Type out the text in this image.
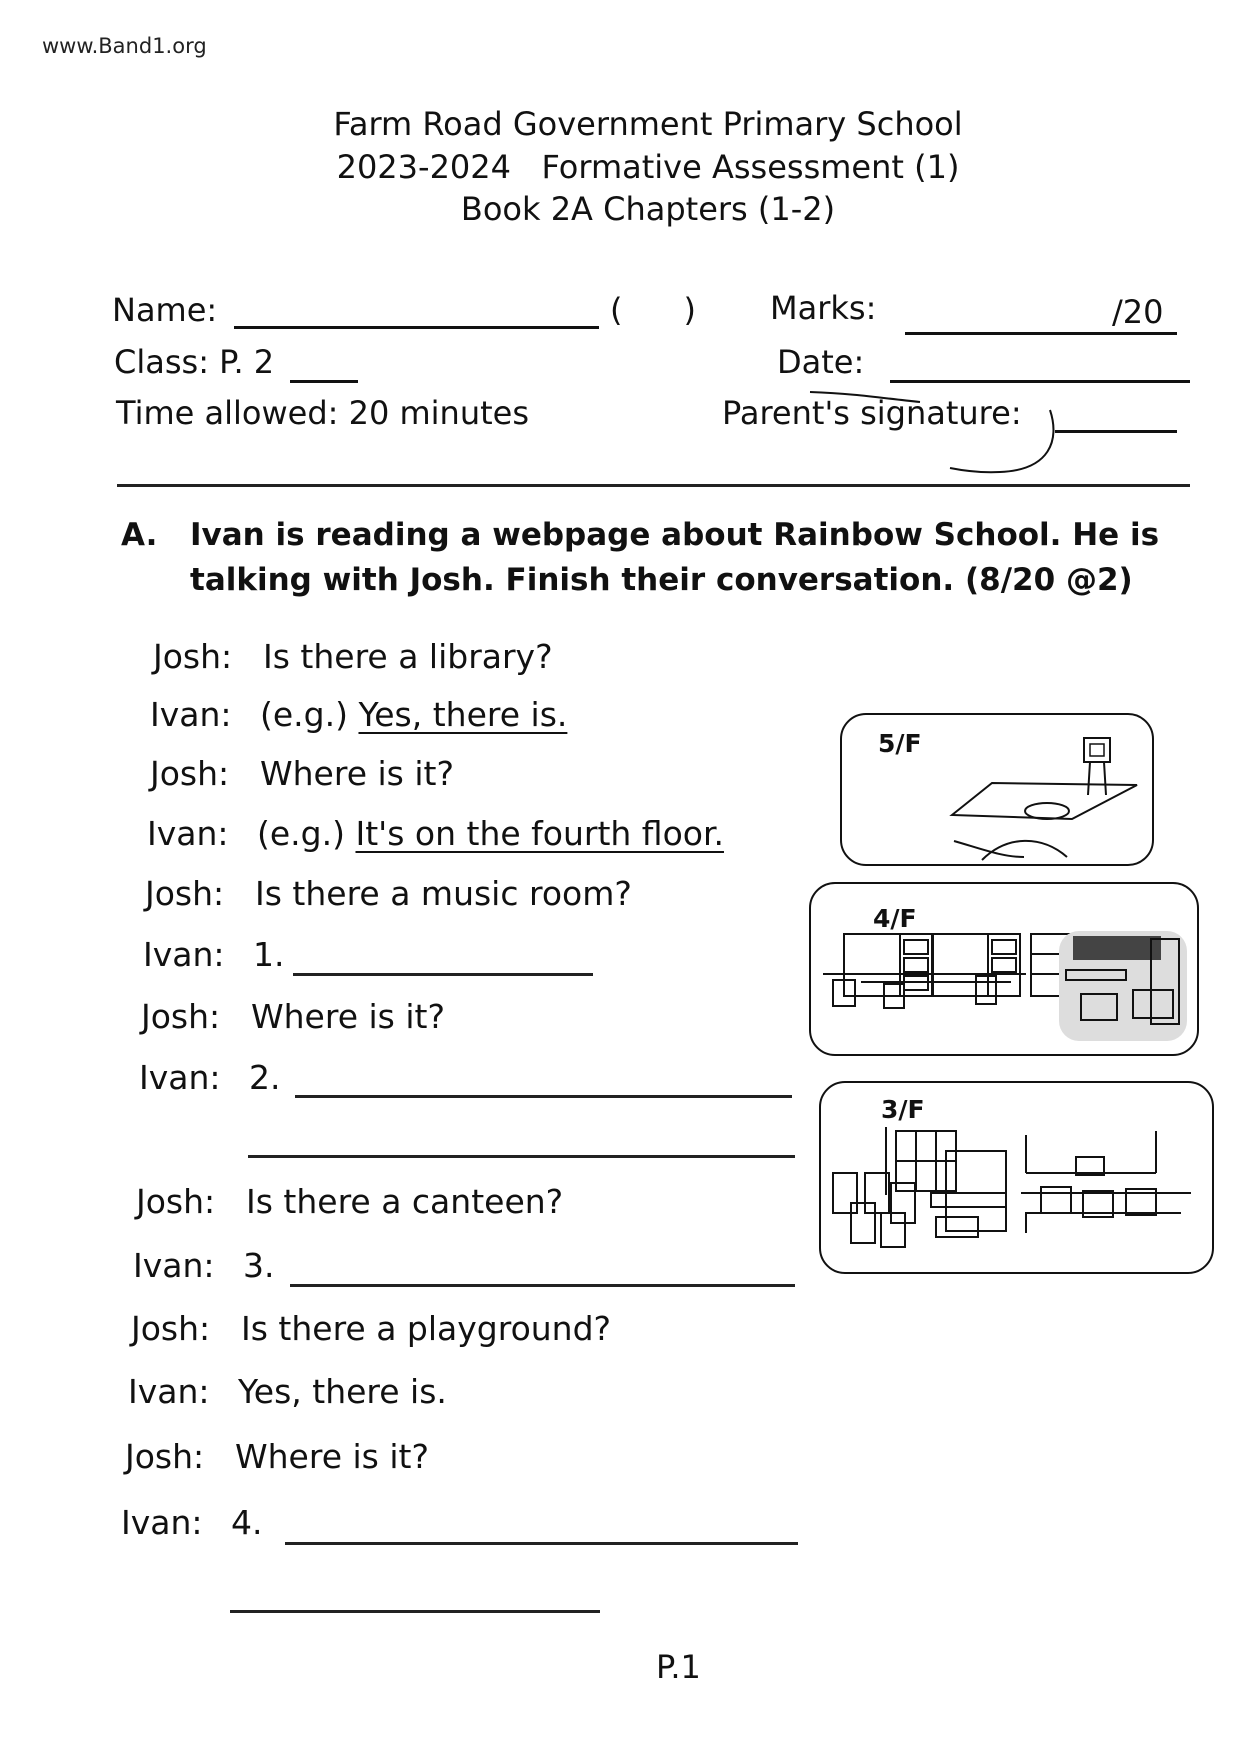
www.Band1.org
Farm Road Government Primary School
2023-2024   Formative Assessment (1)
Book 2A Chapters (1-2)
Name:	(      ) Marks:	/20
Class: P. 2	Date:
Time allowed: 20 minutes	Parent's signature:
A. Ivan is reading a webpage about Rainbow School. He is
talking with Josh. Finish their conversation. (8/20 @2)
Josh: Is there a library?
Ivan: (e.g.) Yes, there is.
Josh: Where is it?
Ivan: (e.g.) It's on the fourth floor.
Josh: Is there a music room?
Ivan: 1.
Josh: Where is it?
Ivan: 2.
Josh: Is there a canteen?
Ivan: 3.
Josh: Is there a playground?
Ivan: Yes, there is.
Josh: Where is it?
Ivan: 4.
5/F
4/F
3/F
P.1
